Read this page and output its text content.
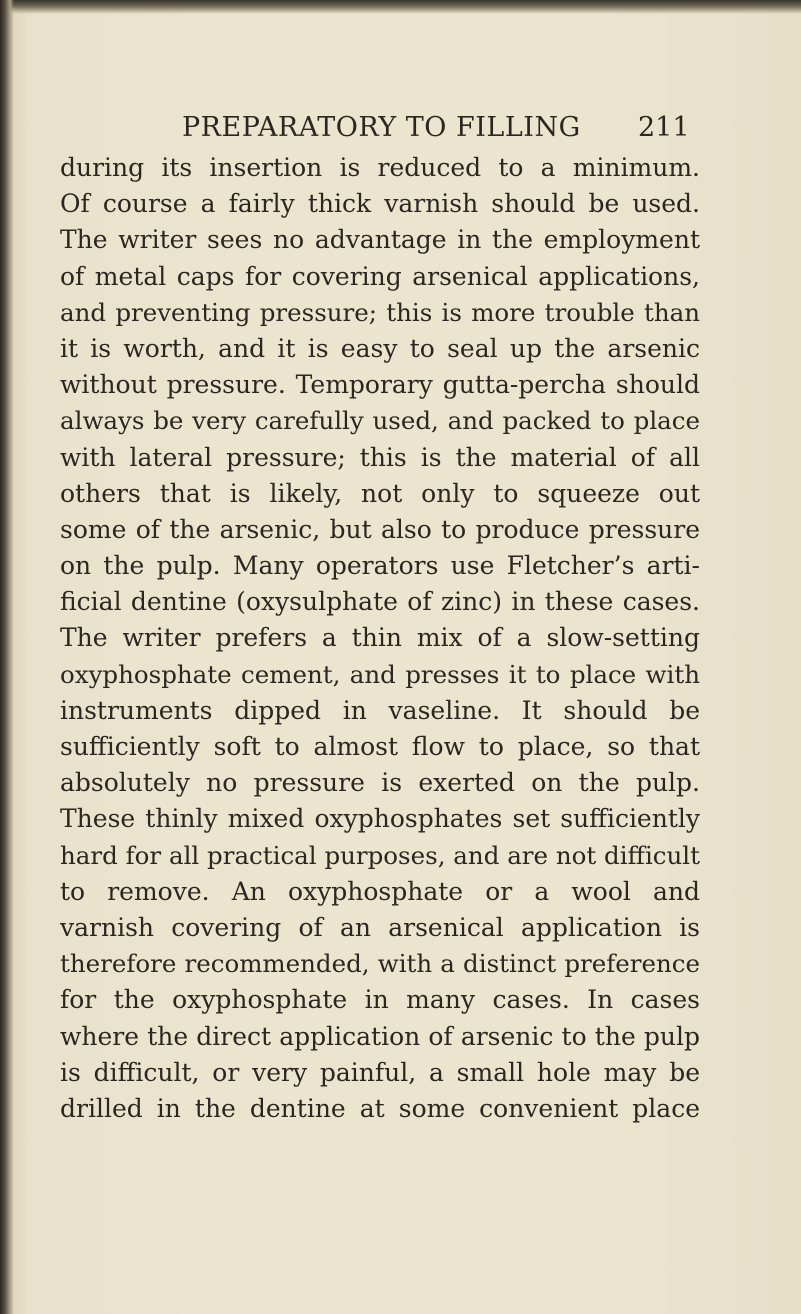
PREPARATORY TO FILLING 211
during its insertion is reduced to a minimum.
Of course a fairly thick varnish should be used.
The writer sees no advantage in the employment
of metal caps for covering arsenical applications,
and preventing pressure; this is more trouble than
it is worth, and it is easy to seal up the arsenic
without pressure. Temporary gutta-percha should
always be very carefully used, and packed to place
with lateral pressure; this is the material of all
others that is likely, not only to squeeze out
some of the arsenic, but also to produce pressure
on the pulp. Many operators use Fletcher’s arti-
ficial dentine (oxysulphate of zinc) in these cases.
The writer prefers a thin mix of a slow-setting
oxyphosphate cement, and presses it to place with
instruments dipped in vaseline. It should be
sufficiently soft to almost flow to place, so that
absolutely no pressure is exerted on the pulp.
These thinly mixed oxyphosphates set sufficiently
hard for all practical purposes, and are not difficult
to remove. An oxyphosphate or a wool and
varnish covering of an arsenical application is
therefore recommended, with a distinct preference
for the oxyphosphate in many cases. In cases
where the direct application of arsenic to the pulp
is difficult, or very painful, a small hole may be
drilled in the dentine at some convenient place
